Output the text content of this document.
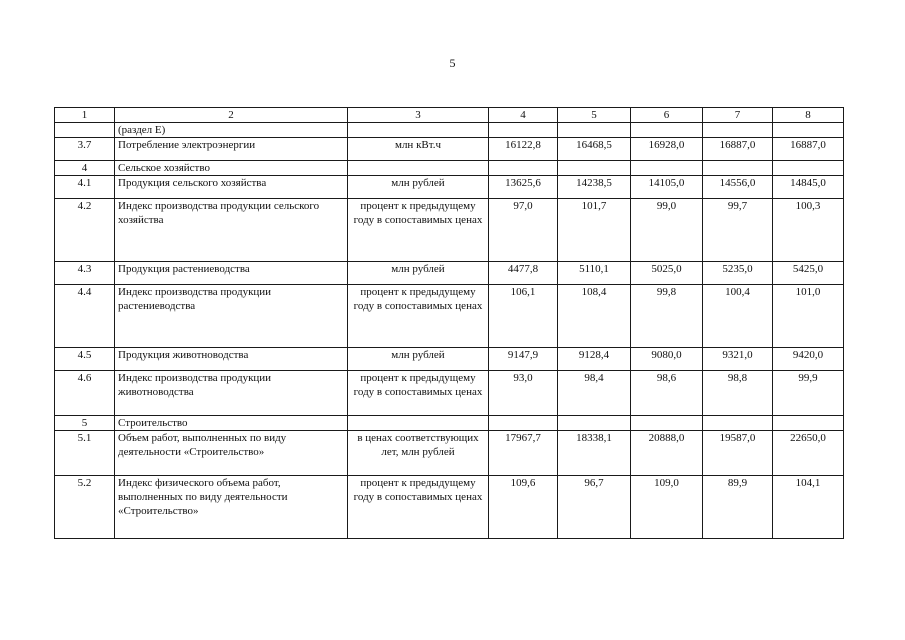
5
1	2	3	4	5	6	7	8
	(раздел Е)						
3.7	Потребление электроэнергии	млн кВт.ч	16122,8	16468,5	16928,0	16887,0	16887,0
4	Сельское хозяйство						
4.1	Продукция сельского хозяйства	млн рублей	13625,6	14238,5	14105,0	14556,0	14845,0
4.2	Индекс производства продукции сельского хозяйства	процент к предыдущему году в сопоставимых ценах	97,0	101,7	99,0	99,7	100,3
4.3	Продукция растениеводства	млн рублей	4477,8	5110,1	5025,0	5235,0	5425,0
4.4	Индекс производства продукции растениеводства	процент к предыдущему году в сопоставимых ценах	106,1	108,4	99,8	100,4	101,0
4.5	Продукция животноводства	млн рублей	9147,9	9128,4	9080,0	9321,0	9420,0
4.6	Индекс производства продукции животноводства	процент к предыдущему году в сопоставимых ценах	93,0	98,4	98,6	98,8	99,9
5	Строительство						
5.1	Объем работ, выполненных по виду деятельности «Строительство»	в ценах соответствующих лет, млн рублей	17967,7	18338,1	20888,0	19587,0	22650,0
5.2	Индекс физического объема работ, выполненных по виду деятельности «Строительство»	процент к предыдущему году в сопоставимых ценах	109,6	96,7	109,0	89,9	104,1
